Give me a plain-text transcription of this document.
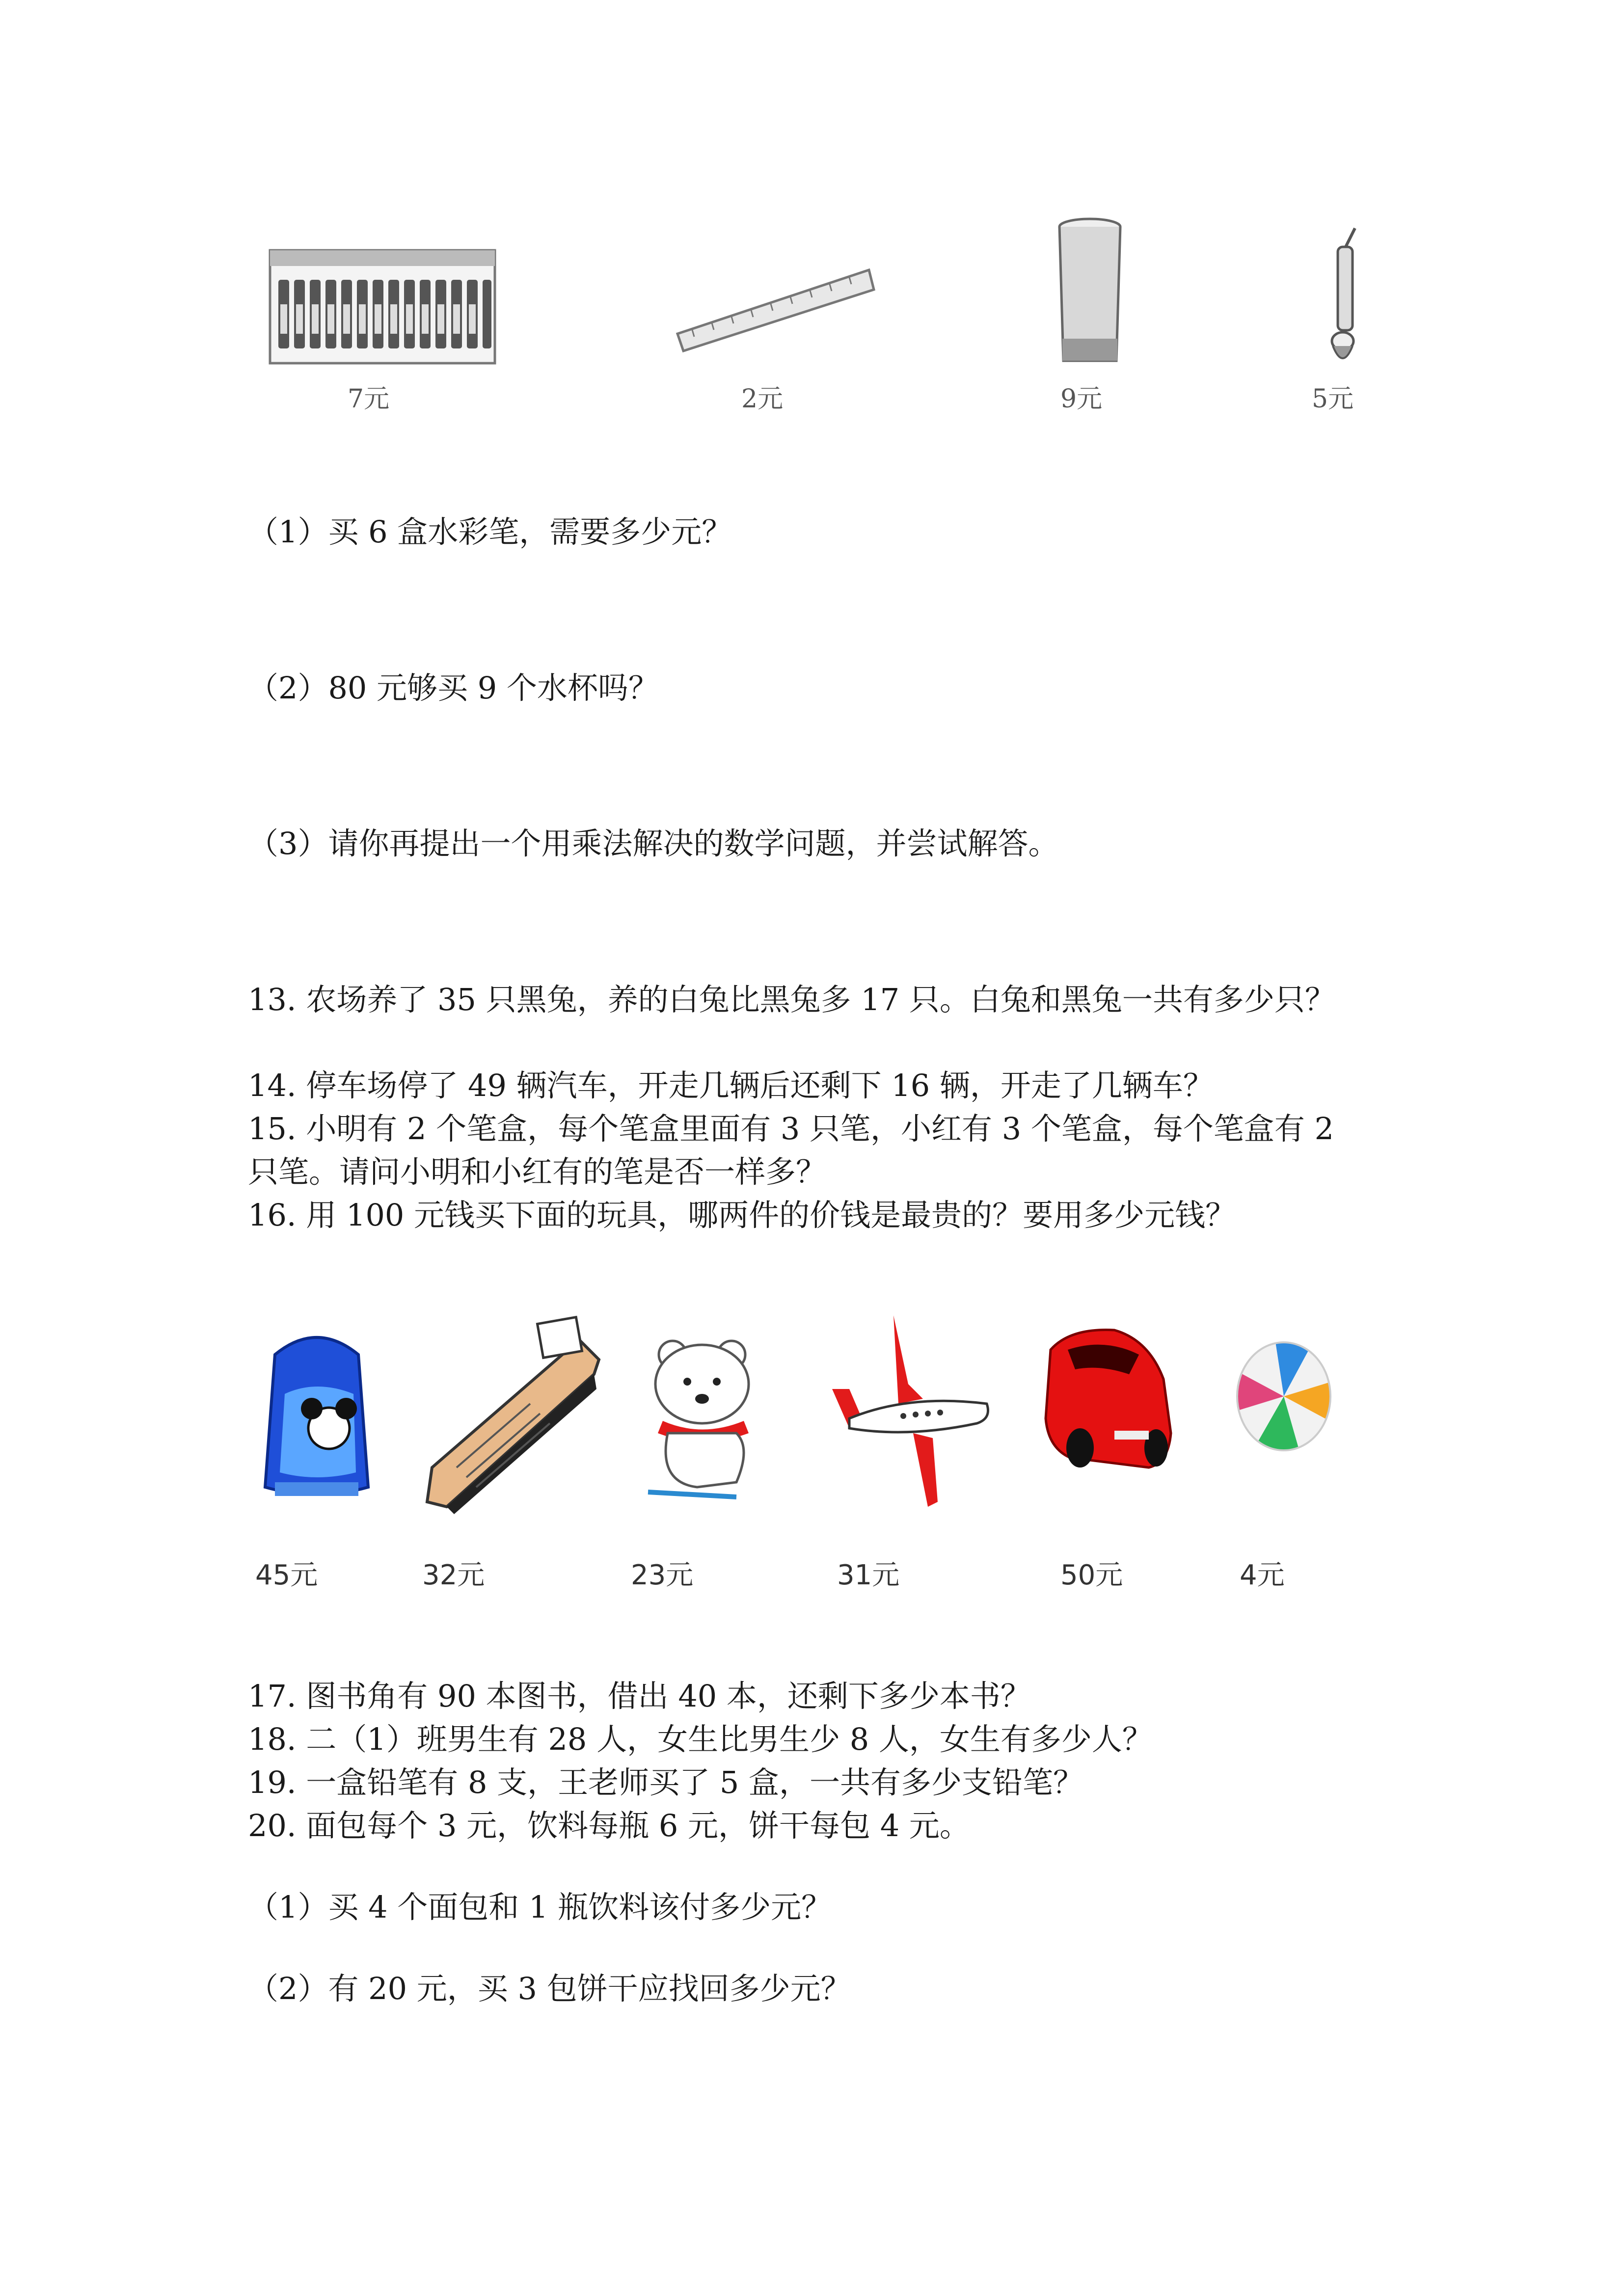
7元	2元	9元	5元
（1）买 6 盒水彩笔，需要多少元？
（2）80 元够买 9 个水杯吗？
（3）请你再提出一个用乘法解决的数学问题，并尝试解答。
13. 农场养了 35 只黑兔，养的白兔比黑兔多 17 只。白兔和黑兔一共有多少只？
14. 停车场停了 49 辆汽车，开走几辆后还剩下 16 辆，开走了几辆车？
15. 小明有 2 个笔盒，每个笔盒里面有 3 只笔，小红有 3 个笔盒，每个笔盒有 2
只笔。请问小明和小红有的笔是否一样多？
16. 用 100 元钱买下面的玩具，哪两件的价钱是最贵的？要用多少元钱？
45元	32元	23元	31元	50元	4元
17. 图书角有 90 本图书，借出 40 本，还剩下多少本书？
18. 二（1）班男生有 28 人，女生比男生少 8 人，女生有多少人？
19. 一盒铅笔有 8 支，王老师买了 5 盒，一共有多少支铅笔？
20. 面包每个 3 元，饮料每瓶 6 元，饼干每包 4 元。
（1）买 4 个面包和 1 瓶饮料该付多少元？
（2）有 20 元，买 3 包饼干应找回多少元？
